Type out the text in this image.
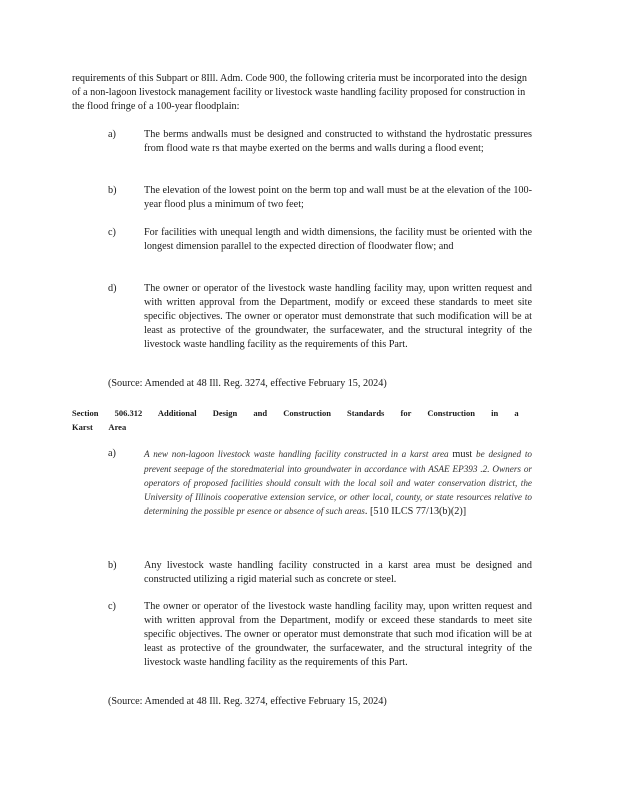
requirements of this Subpart or 8Ill. Adm. Code 900, the following criteria must be incorporated into the design of a non-lagoon livestock management facility or livestock waste handling facility proposed for construction in the flood fringe of a 100-year floodplain:
a)	The berms andwalls must be designed and constructed to withstand the hydrostatic pressures from flood wate rs that maybe exerted on the berms and walls during a flood event;
b)	The elevation of the lowest point on the berm top and wall must be at the elevation of the 100-year flood plus a minimum of two feet;
c)	For facilities with unequal length and width dimensions, the facility must be oriented with the longest dimension parallel to the expected direction of floodwater flow; and
d)	The owner or operator of the livestock waste handling facility may, upon written request and with written approval from the Department, modify or exceed these standards to meet site specific objectives. The owner or operator must demonstrate that such modification will be at least as protective of the groundwater, the surfacewater, and the structural integrity of the livestock waste handling facility as the requirements of this Part.
(Source: Amended at 48 Ill. Reg. 3274, effective February 15, 2024)
Section 506.312 Additional Design and Construction Standards for Construction in a Karst Area
a)	A new non-lagoon livestock waste handling facility constructed in a karst area must be designed to prevent seepage of the storedmaterial into groundwater in accordance with ASAE EP393 .2. Owners or operators of proposed facilities should consult with the local soil and water conservation district, the University of Illinois cooperative extension service, or other local, county, or state resources relative to determining the possible pr esence or absence of such areas. [510 ILCS 77/13(b)(2)]
b)	Any livestock waste handling facility constructed in a karst area must be designed and constructed utilizing a rigid material such as concrete or steel.
c)	The owner or operator of the livestock waste handling facility may, upon written request and with written approval from the Department, modify or exceed these standards to meet site specific objectives. The owner or operator must demonstrate that such mod ification will be at least as protective of the groundwater, the surfacewater, and the structural integrity of the livestock waste handling facility as the requirements of this Part.
(Source: Amended at 48 Ill. Reg. 3274, effective February 15, 2024)
